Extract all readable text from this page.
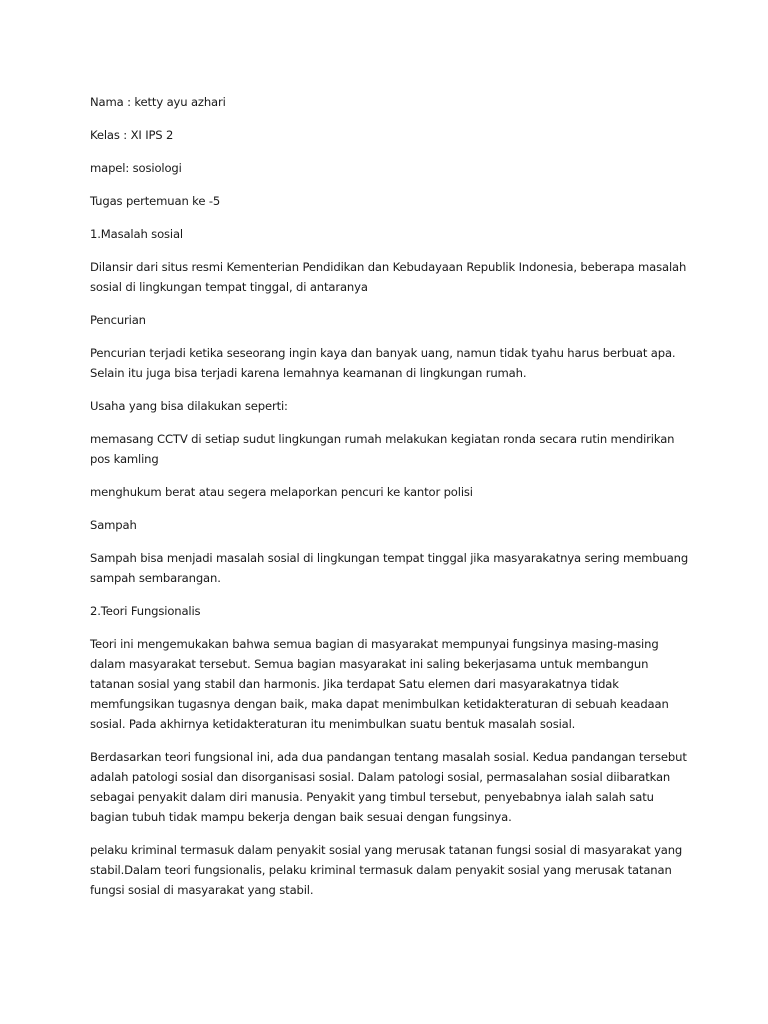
Nama : ketty ayu azhari

Kelas : XI IPS 2

mapel: sosiologi

Tugas pertemuan ke -5

1.Masalah sosial

Dilansir dari situs resmi Kementerian Pendidikan dan Kebudayaan Republik Indonesia, beberapa masalah sosial di lingkungan tempat tinggal, di antaranya

Pencurian

Pencurian terjadi ketika seseorang ingin kaya dan banyak uang, namun tidak tyahu harus berbuat apa. Selain itu juga bisa terjadi karena lemahnya keamanan di lingkungan rumah.

Usaha yang bisa dilakukan seperti:

memasang CCTV di setiap sudut lingkungan rumah melakukan kegiatan ronda secara rutin mendirikan pos kamling

menghukum berat atau segera melaporkan pencuri ke kantor polisi

Sampah

Sampah bisa menjadi masalah sosial di lingkungan tempat tinggal jika masyarakatnya sering membuang sampah sembarangan.

2.Teori Fungsionalis

Teori ini mengemukakan bahwa semua bagian di masyarakat mempunyai fungsinya masing-masing dalam masyarakat tersebut. Semua bagian masyarakat ini saling bekerjasama untuk membangun tatanan sosial yang stabil dan harmonis. Jika terdapat Satu elemen dari masyarakatnya tidak memfungsikan tugasnya dengan baik, maka dapat menimbulkan ketidakteraturan di sebuah keadaan sosial. Pada akhirnya ketidakteraturan itu menimbulkan suatu bentuk masalah sosial.

Berdasarkan teori fungsional ini, ada dua pandangan tentang masalah sosial. Kedua pandangan tersebut adalah patologi sosial dan disorganisasi sosial. Dalam patologi sosial, permasalahan sosial diibaratkan sebagai penyakit dalam diri manusia. Penyakit yang timbul tersebut, penyebabnya ialah salah satu bagian tubuh tidak mampu bekerja dengan baik sesuai dengan fungsinya.

pelaku kriminal termasuk dalam penyakit sosial yang merusak tatanan fungsi sosial di masyarakat yang stabil.Dalam teori fungsionalis, pelaku kriminal termasuk dalam penyakit sosial yang merusak tatanan fungsi sosial di masyarakat yang stabil.
